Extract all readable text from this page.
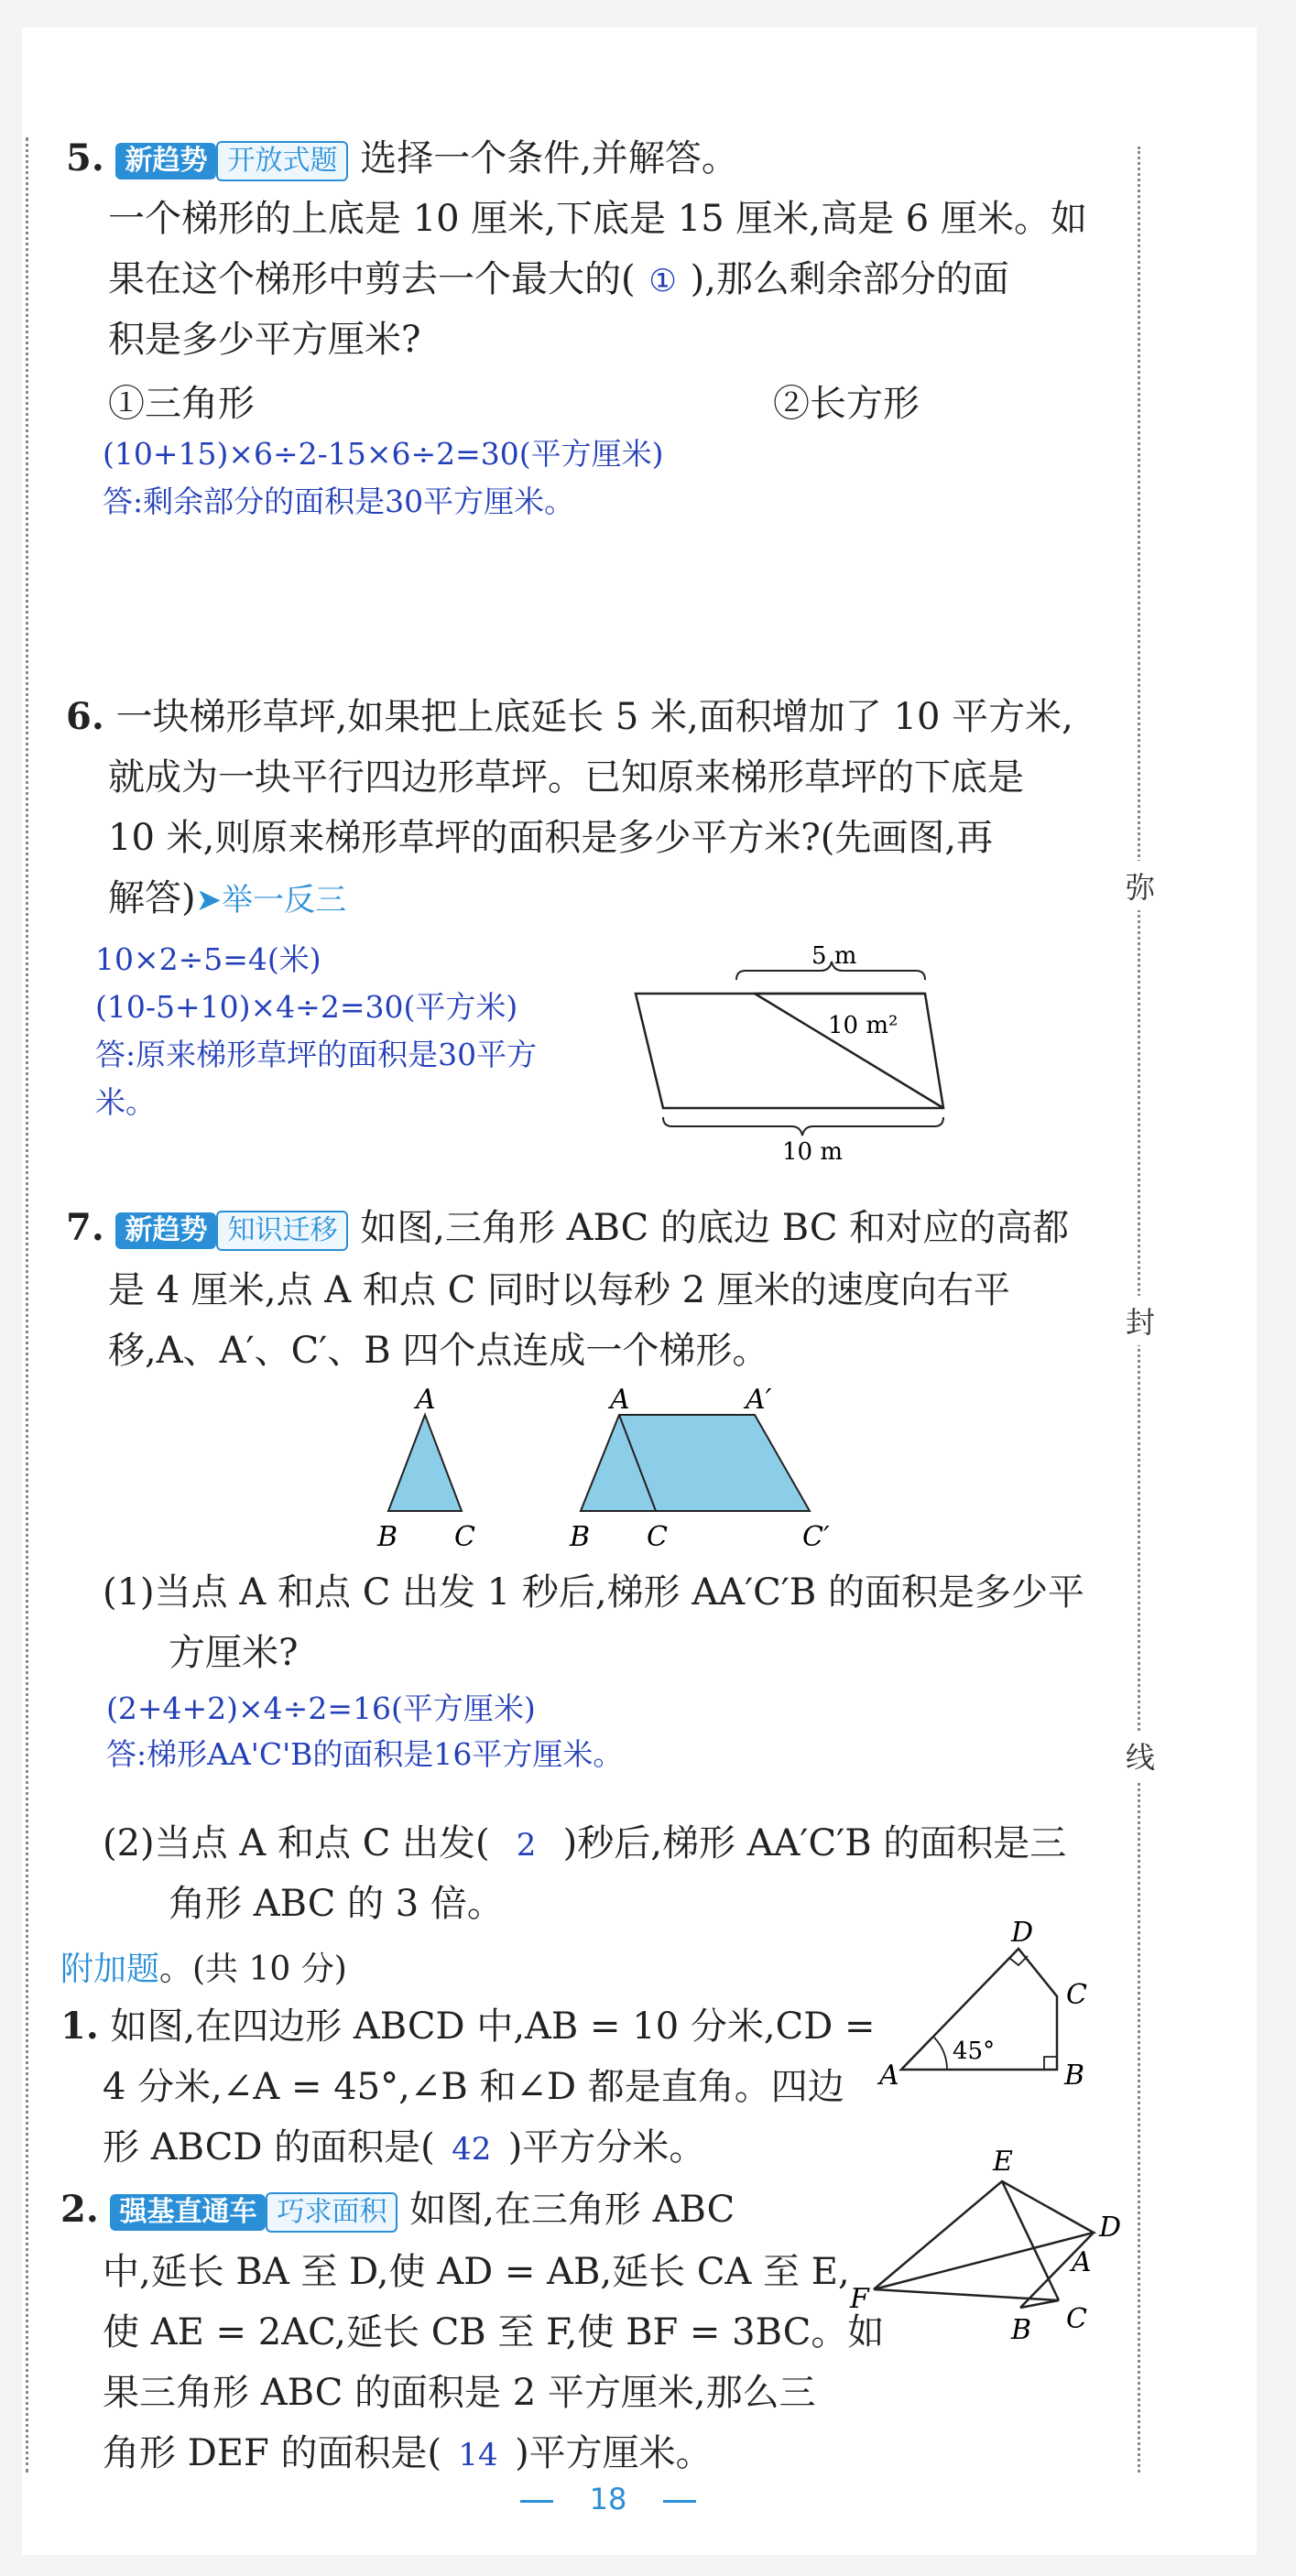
弥
封
线
5. 新趋势 开放式题 选择一个条件,并解答。
一个梯形的上底是 10 厘米,下底是 15 厘米,高是 6 厘米。如
果在这个梯形中剪去一个最大的( ① ),那么剩余部分的面
积是多少平方厘米?
①三角形	②长方形
(10+15)×6÷2-15×6÷2=30(平方厘米)
答:剩余部分的面积是30平方厘米。
6. 一块梯形草坪,如果把上底延长 5 米,面积增加了 10 平方米,
就成为一块平行四边形草坪。已知原来梯形草坪的下底是
10 米,则原来梯形草坪的面积是多少平方米?(先画图,再
解答)➤举一反三
10×2÷5=4(米)
(10-5+10)×4÷2=30(平方米)
答:原来梯形草坪的面积是30平方
米。
5 m
10 m²
10 m
7. 新趋势 知识迁移 如图,三角形 ABC 的底边 BC 和对应的高都
是 4 厘米,点 A 和点 C 同时以每秒 2 厘米的速度向右平
移,A、A′、C′、B 四个点连成一个梯形。
A
B C
A	A′
B C	C′
(1)当点 A 和点 C 出发 1 秒后,梯形 AA′C′B 的面积是多少平
方厘米?
(2+4+2)×4÷2=16(平方厘米)
答:梯形AA'C'B的面积是16平方厘米。
(2)当点 A 和点 C 出发( 2 )秒后,梯形 AA′C′B 的面积是三
角形 ABC 的 3 倍。
附加题。(共 10 分)
1. 如图,在四边形 ABCD 中,AB = 10 分米,CD =
4 分米,∠A = 45°,∠B 和∠D 都是直角。四边
形 ABCD 的面积是( 42 )平方分米。
45°
D
C
A	B
2. 强基直通车 巧求面积 如图,在三角形 ABC
中,延长 BA 至 D,使 AD = AB,延长 CA 至 E,
使 AE = 2AC,延长 CB 至 F,使 BF = 3BC。如
果三角形 ABC 的面积是 2 平方厘米,那么三
角形 DEF 的面积是( 14 )平方厘米。
E
D
A
F
B C
18
